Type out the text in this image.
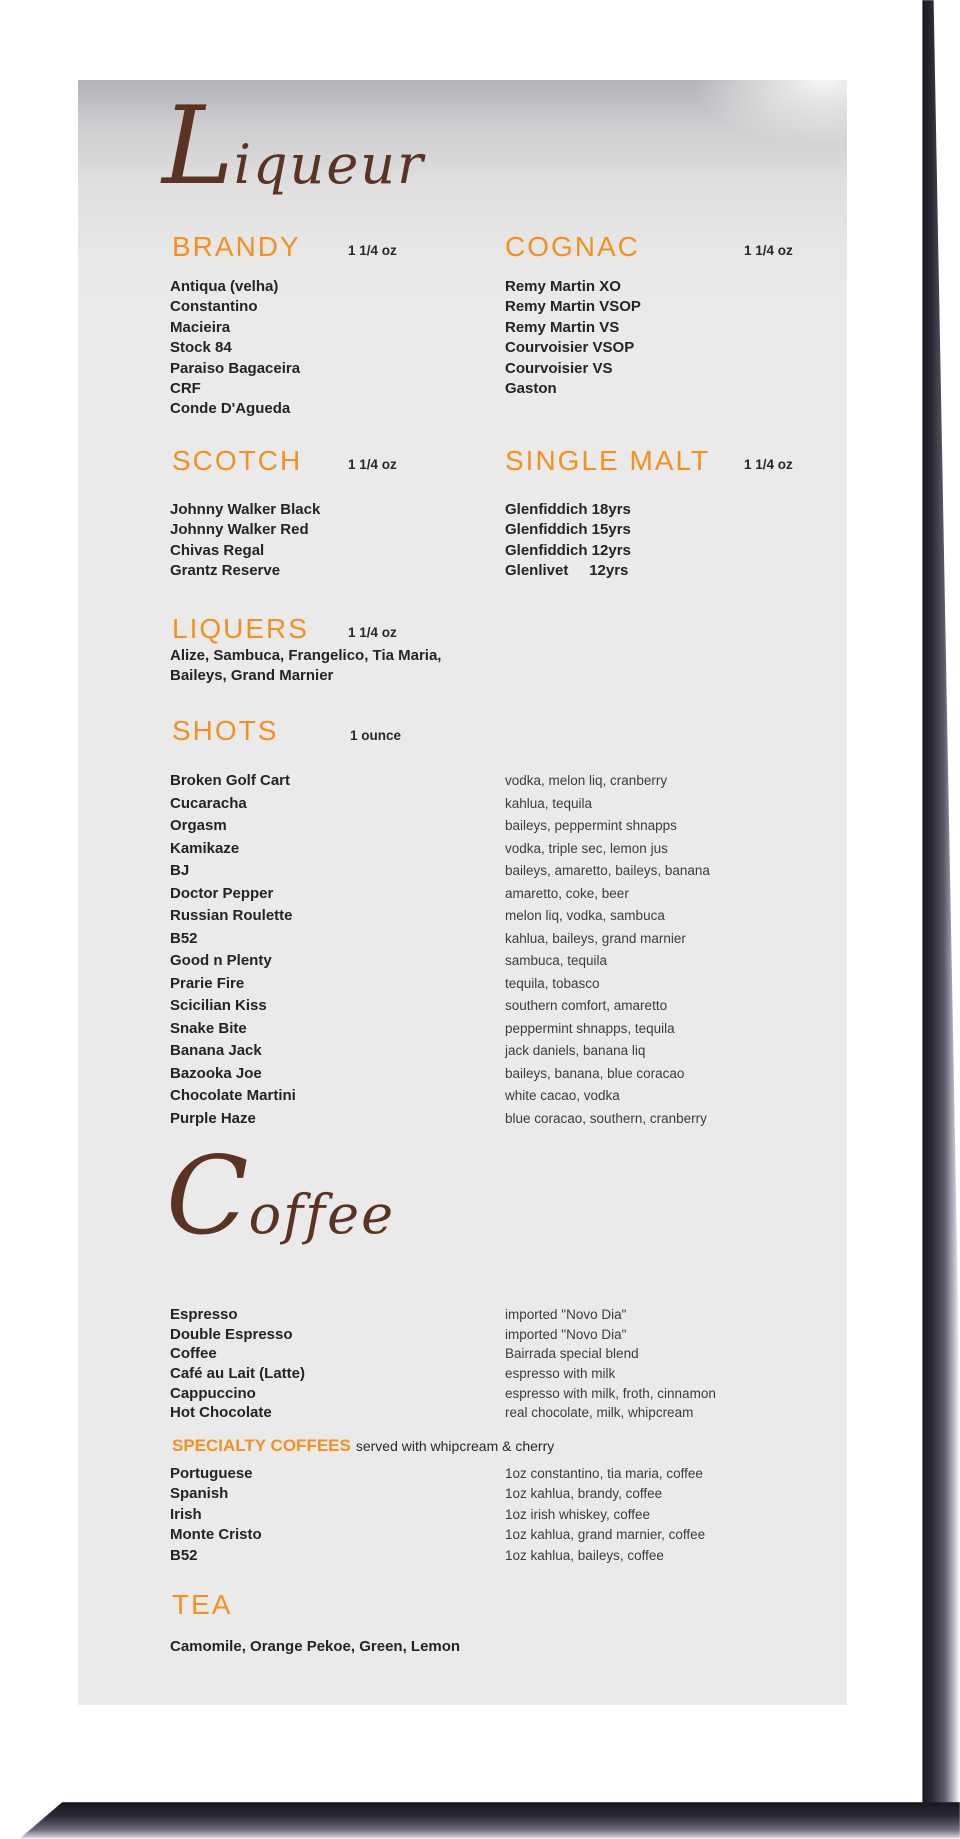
Liqueur
BRANDY	1 1/4 oz	COGNAC	1 1/4 oz
Antiqua (velha)
Constantino
Macieira
Stock 84
Paraiso Bagaceira
CRF
Conde D'Agueda
Remy Martin XO
Remy Martin VSOP
Remy Martin VS
Courvoisier VSOP
Courvoisier VS
Gaston
SCOTCH	1 1/4 oz	SINGLE MALT	1 1/4 oz
Johnny Walker Black
Johnny Walker Red
Chivas Regal
Grantz Reserve
Glenfiddich 18yrs
Glenfiddich 15yrs
Glenfiddich 12yrs
Glenlivet     12yrs
LIQUERS	1 1/4 oz
Alize, Sambuca, Frangelico, Tia Maria,
Baileys, Grand Marnier
SHOTS	1 ounce
Broken Golf Cart	vodka, melon liq, cranberry
Cucaracha	kahlua, tequila
Orgasm	baileys, peppermint shnapps
Kamikaze	vodka, triple sec, lemon jus
BJ	baileys, amaretto, baileys, banana
Doctor Pepper	amaretto, coke, beer
Russian Roulette	melon liq, vodka, sambuca
B52	kahlua, baileys, grand marnier
Good n Plenty	sambuca, tequila
Prarie Fire	tequila, tobasco
Scicilian Kiss	southern comfort, amaretto
Snake Bite	peppermint shnapps, tequila
Banana Jack	jack daniels, banana liq
Bazooka Joe	baileys, banana, blue coracao
Chocolate Martini	white cacao, vodka
Purple Haze	blue coracao, southern, cranberry
Coffee
Espresso	imported "Novo Dia"
Double Espresso	imported "Novo Dia"
Coffee	Bairrada special blend
Café au Lait (Latte)	espresso with milk
Cappuccino	espresso with milk, froth, cinnamon
Hot Chocolate	real chocolate, milk, whipcream
SPECIALTY COFFEES served with whipcream & cherry
Portuguese	1oz constantino, tia maria, coffee
Spanish	1oz kahlua, brandy, coffee
Irish	1oz irish whiskey, coffee
Monte Cristo	1oz kahlua, grand marnier, coffee
B52	1oz kahlua, baileys, coffee
TEA
Camomile, Orange Pekoe, Green, Lemon
